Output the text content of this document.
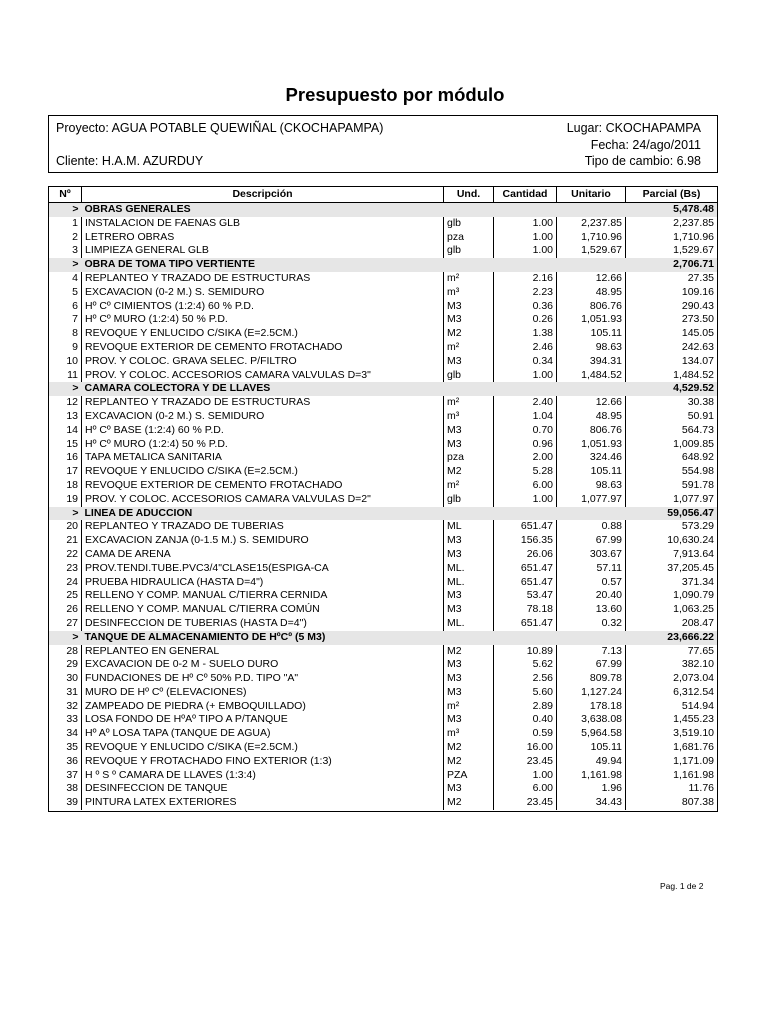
Presupuesto por módulo
Proyecto: AGUA POTABLE QUEWIÑAL (CKOCHAPAMPA)	Lugar: CKOCHAPAMPA
Fecha: 24/ago/2011
Cliente: H.A.M. AZURDUY	Tipo de cambio: 6.98
Nº	Descripción	Und.	Cantidad	Unitario	Parcial (Bs)
>	OBRAS GENERALES				5,478.48
1	INSTALACION DE FAENAS GLB	glb	1.00	2,237.85	2,237.85
2	LETRERO OBRAS	pza	1.00	1,710.96	1,710.96
3	LIMPIEZA GENERAL GLB	glb	1.00	1,529.67	1,529.67
>	OBRA DE TOMA TIPO VERTIENTE				2,706.71
4	REPLANTEO Y TRAZADO DE ESTRUCTURAS	m²	2.16	12.66	27.35
5	EXCAVACION (0-2 M.) S. SEMIDURO	m³	2.23	48.95	109.16
6	Hº Cº CIMIENTOS (1:2:4) 60 % P.D.	M3	0.36	806.76	290.43
7	Hº Cº MURO (1:2:4) 50 % P.D.	M3	0.26	1,051.93	273.50
8	REVOQUE Y ENLUCIDO C/SIKA (E=2.5CM.)	M2	1.38	105.11	145.05
9	REVOQUE EXTERIOR DE CEMENTO FROTACHADO	m²	2.46	98.63	242.63
10	PROV. Y COLOC. GRAVA SELEC. P/FILTRO	M3	0.34	394.31	134.07
11	PROV. Y COLOC. ACCESORIOS CAMARA VALVULAS D=3"	glb	1.00	1,484.52	1,484.52
>	CAMARA COLECTORA Y DE LLAVES				4,529.52
12	REPLANTEO Y TRAZADO DE ESTRUCTURAS	m²	2.40	12.66	30.38
13	EXCAVACION (0-2 M.) S. SEMIDURO	m³	1.04	48.95	50.91
14	Hº Cº BASE (1:2:4) 60 % P.D.	M3	0.70	806.76	564.73
15	Hº Cº MURO (1:2:4) 50 % P.D.	M3	0.96	1,051.93	1,009.85
16	TAPA METALICA SANITARIA	pza	2.00	324.46	648.92
17	REVOQUE Y ENLUCIDO C/SIKA (E=2.5CM.)	M2	5.28	105.11	554.98
18	REVOQUE EXTERIOR DE CEMENTO FROTACHADO	m²	6.00	98.63	591.78
19	PROV. Y COLOC. ACCESORIOS CAMARA VALVULAS D=2"	glb	1.00	1,077.97	1,077.97
>	LINEA DE ADUCCION				59,056.47
20	REPLANTEO Y TRAZADO DE TUBERIAS	ML	651.47	0.88	573.29
21	EXCAVACION ZANJA (0-1.5 M.) S. SEMIDURO	M3	156.35	67.99	10,630.24
22	CAMA DE ARENA	M3	26.06	303.67	7,913.64
23	PROV.TENDI.TUBE.PVC3/4"CLASE15(ESPIGA-CA	ML.	651.47	57.11	37,205.45
24	PRUEBA HIDRAULICA (HASTA D=4")	ML.	651.47	0.57	371.34
25	RELLENO Y COMP. MANUAL C/TIERRA CERNIDA	M3	53.47	20.40	1,090.79
26	RELLENO Y COMP. MANUAL C/TIERRA COMÚN	M3	78.18	13.60	1,063.25
27	DESINFECCION DE TUBERIAS (HASTA D=4")	ML.	651.47	0.32	208.47
>	TANQUE DE ALMACENAMIENTO DE HºCº (5 M3)				23,666.22
28	REPLANTEO EN GENERAL	M2	10.89	7.13	77.65
29	EXCAVACION DE 0-2 M - SUELO DURO	M3	5.62	67.99	382.10
30	FUNDACIONES DE Hº Cº 50% P.D. TIPO "A"	M3	2.56	809.78	2,073.04
31	MURO DE Hº Cº (ELEVACIONES)	M3	5.60	1,127.24	6,312.54
32	ZAMPEADO DE PIEDRA (+ EMBOQUILLADO)	m²	2.89	178.18	514.94
33	LOSA FONDO DE HºAº TIPO A P/TANQUE	M3	0.40	3,638.08	1,455.23
34	Hº Aº LOSA TAPA (TANQUE DE AGUA)	m³	0.59	5,964.58	3,519.10
35	REVOQUE Y ENLUCIDO C/SIKA (E=2.5CM.)	M2	16.00	105.11	1,681.76
36	REVOQUE Y FROTACHADO FINO EXTERIOR (1:3)	M2	23.45	49.94	1,171.09
37	H º S º CAMARA DE LLAVES (1:3:4)	PZA	1.00	1,161.98	1,161.98
38	DESINFECCION DE TANQUE	M3	6.00	1.96	11.76
39	PINTURA LATEX EXTERIORES	M2	23.45	34.43	807.38
Pag. 1 de 2
